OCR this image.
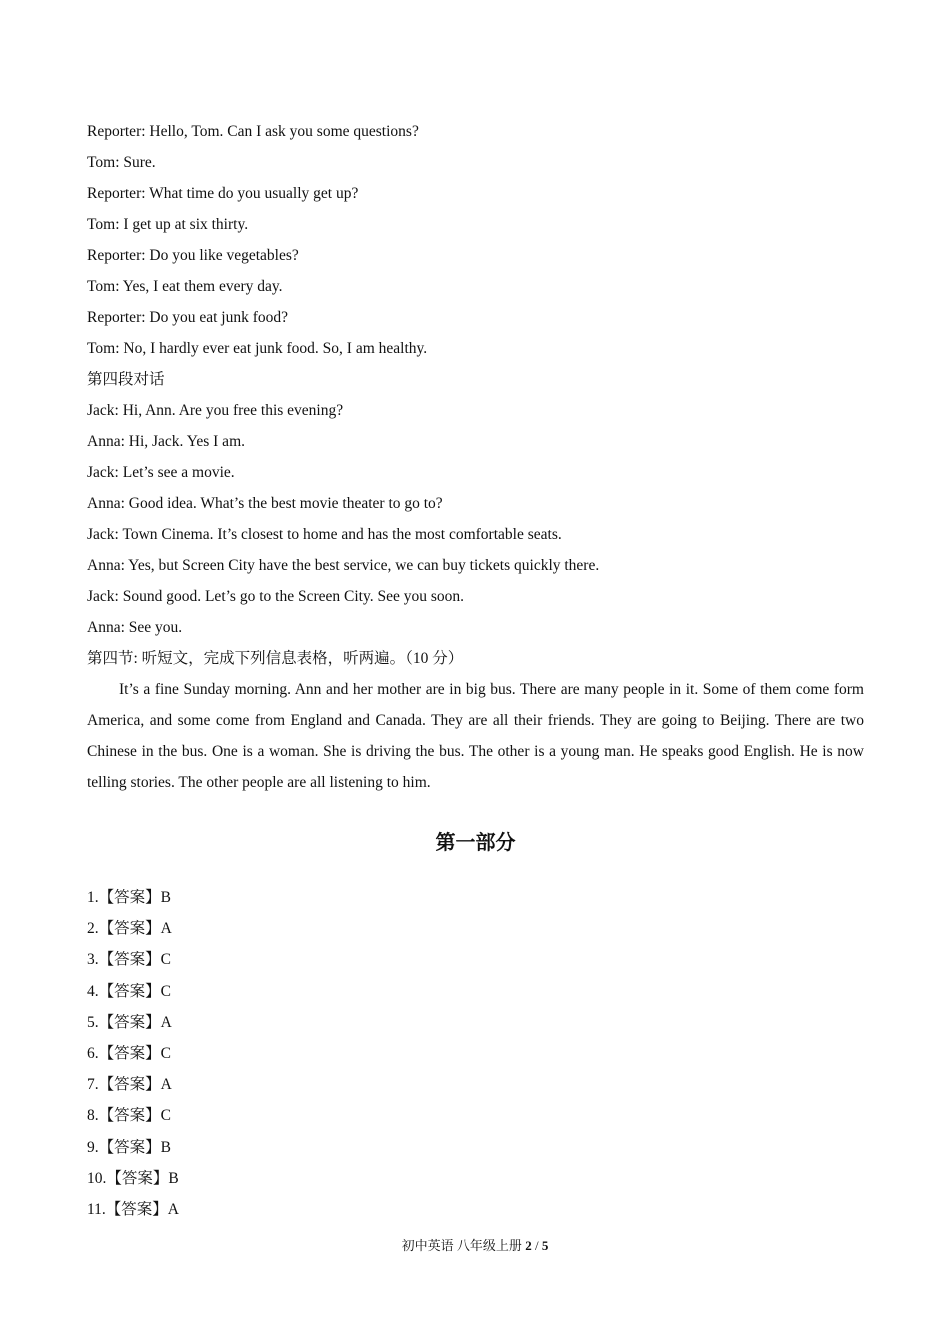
Reporter: Hello, Tom. Can I ask you some questions?
Tom: Sure.
Reporter: What time do you usually get up?
Tom: I get up at six thirty.
Reporter: Do you like vegetables?
Tom: Yes, I eat them every day.
Reporter: Do you eat junk food?
Tom: No, I hardly ever eat junk food. So, I am healthy.
第四段对话
Jack: Hi, Ann. Are you free this evening?
Anna: Hi, Jack. Yes I am.
Jack: Let’s see a movie.
Anna: Good idea. What’s the best movie theater to go to?
Jack: Town Cinema. It’s closest to home and has the most comfortable seats.
Anna: Yes, but Screen City have the best service, we can buy tickets quickly there.
Jack: Sound good. Let’s go to the Screen City. See you soon.
Anna: See you.
第四节: 听短文，完成下列信息表格，听两遍。（10 分）

It’s a fine Sunday morning. Ann and her mother are in big bus. There are many people in it. Some of them come form America, and some come from England and Canada. They are all their friends. They are going to Beijing. There are two Chinese in the bus. One is a woman. She is driving the bus. The other is a young man. He speaks good English. He is now telling stories. The other people are all listening to him.

第一部分
1.【答案】B
2.【答案】A
3.【答案】C
4.【答案】C
5.【答案】A
6.【答案】C
7.【答案】A
8.【答案】C
9.【答案】B
10.【答案】B
11.【答案】A
初中英语 八年级上册 2 / 5
